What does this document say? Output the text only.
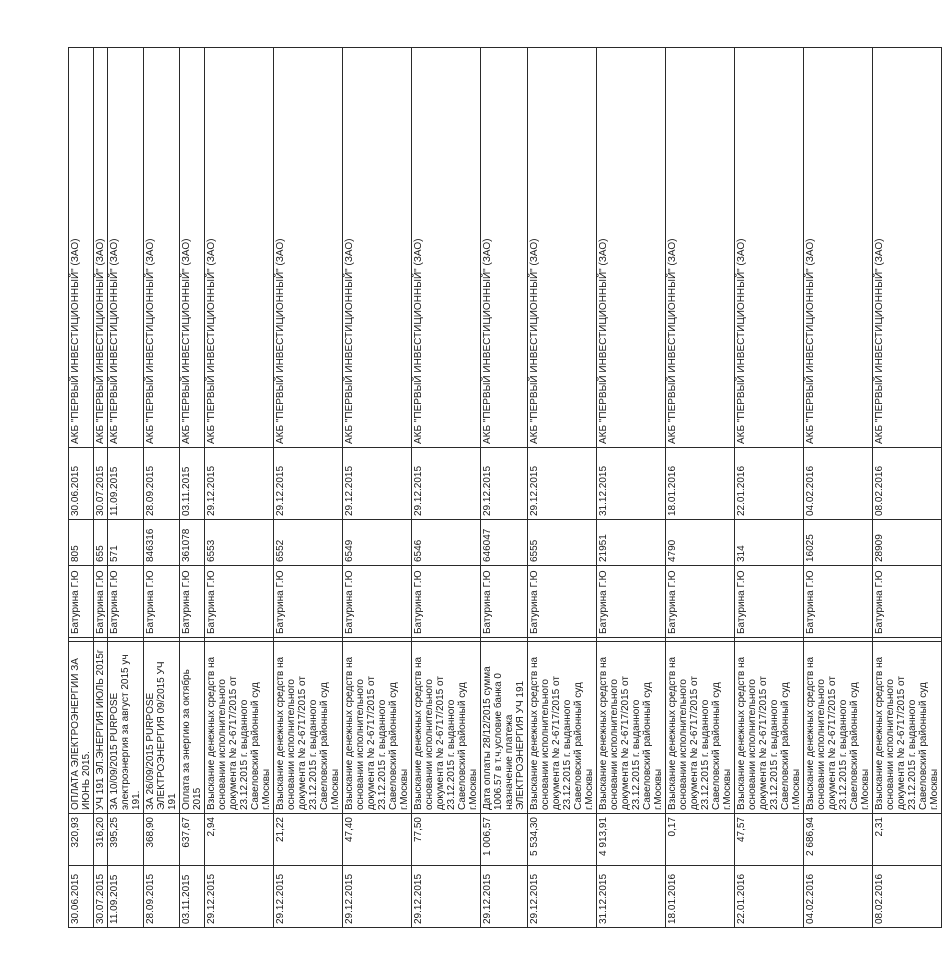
30.06.2015	320,93	ОПЛАТА ЭЛЕКТРОЭНЕРГИИ ЗА ИЮНЬ 2015.		Батурина Г.Ю	805	30.06.2015	АКБ "ПЕРВЫЙ ИНВЕСТИЦИОННЫЙ" (ЗАО)
30.07.2015	316,20	УЧ 191 ЭЛ.ЭНЕРГИЯ ИЮЛЬ 2015г		Батурина Г.Ю	655	30.07.2015	АКБ "ПЕРВЫЙ ИНВЕСТИЦИОННЫЙ" (ЗАО)
11.09.2015	395,25	ЗА 10/09/2015 PURPOSE электроэнергия за август 2015 уч 191.		Батурина Г.Ю	571	11.09.2015	АКБ "ПЕРВЫЙ ИНВЕСТИЦИОННЫЙ" (ЗАО)
28.09.2015	368,90	ЗА 26/09/2015 PURPOSE ЭЛЕКТРОЭНЕРГИЯ 09/2015 УЧ 191		Батурина Г.Ю	846316	28.09.2015	АКБ "ПЕРВЫЙ ИНВЕСТИЦИОННЫЙ" (ЗАО)
03.11.2015	637,67	Оплата за энергию за октябрь 2015		Батурина Г.Ю	361078	03.11.2015	АКБ "ПЕРВЫЙ ИНВЕСТИЦИОННЫЙ" (ЗАО)
29.12.2015	2,94	Взыскание денежных средств на основании исполнительного документа № 2-6717/2015 от 23.12.2015 г. выданного Савеловский районный суд г.Москвы		Батурина Г.Ю	6553	29.12.2015	АКБ "ПЕРВЫЙ ИНВЕСТИЦИОННЫЙ" (ЗАО)
29.12.2015	21,22	Взыскание денежных средств на основании исполнительного документа № 2-6717/2015 от 23.12.2015 г. выданного Савеловский районный суд г.Москвы		Батурина Г.Ю	6552	29.12.2015	АКБ "ПЕРВЫЙ ИНВЕСТИЦИОННЫЙ" (ЗАО)
29.12.2015	47,40	Взыскание денежных средств на основании исполнительного документа № 2-6717/2015 от 23.12.2015 г. выданного Савеловский районный суд г.Москвы		Батурина Г.Ю	6549	29.12.2015	АКБ "ПЕРВЫЙ ИНВЕСТИЦИОННЫЙ" (ЗАО)
29.12.2015	77,50	Взыскание денежных средств на основании исполнительного документа № 2-6717/2015 от 23.12.2015 г. выданного Савеловский районный суд г.Москвы		Батурина Г.Ю	6546	29.12.2015	АКБ "ПЕРВЫЙ ИНВЕСТИЦИОННЫЙ" (ЗАО)
29.12.2015	1 006,57	Дата оплаты 28/12/2015 сумма 1006.57 в т.ч.условие банка 0 назначение платежа ЭЛЕКТРОЭНЕРГИЯ УЧ 191		Батурина Г.Ю	646047	29.12.2015	АКБ "ПЕРВЫЙ ИНВЕСТИЦИОННЫЙ" (ЗАО)
29.12.2015	5 534,30	Взыскание денежных средств на основании исполнительного документа № 2-6717/2015 от 23.12.2015 г. выданного Савеловский районный суд г.Москвы		Батурина Г.Ю	6555	29.12.2015	АКБ "ПЕРВЫЙ ИНВЕСТИЦИОННЫЙ" (ЗАО)
31.12.2015	4 913,91	Взыскание денежных средств на основании исполнительного документа № 2-6717/2015 от 23.12.2015 г. выданного Савеловский районный суд г.Москвы		Батурина Г.Ю	21951	31.12.2015	АКБ "ПЕРВЫЙ ИНВЕСТИЦИОННЫЙ" (ЗАО)
18.01.2016	0,17	Взыскание денежных средств на основании исполнительного документа № 2-6717/2015 от 23.12.2015 г. выданного Савеловский районный суд г.Москвы		Батурина Г.Ю	4790	18.01.2016	АКБ "ПЕРВЫЙ ИНВЕСТИЦИОННЫЙ" (ЗАО)
22.01.2016	47,57	Взыскание денежных средств на основании исполнительного документа № 2-6717/2015 от 23.12.2015 г. выданного Савеловский районный суд г.Москвы		Батурина Г.Ю	314	22.01.2016	АКБ "ПЕРВЫЙ ИНВЕСТИЦИОННЫЙ" (ЗАО)
04.02.2016	2 686,94	Взыскание денежных средств на основании исполнительного документа № 2-6717/2015 от 23.12.2015 г. выданного Савеловский районный суд г.Москвы		Батурина Г.Ю	16025	04.02.2016	АКБ "ПЕРВЫЙ ИНВЕСТИЦИОННЫЙ" (ЗАО)
08.02.2016	2,31	Взыскание денежных средств на основании исполнительного документа № 2-6717/2015 от 23.12.2015 г. выданного Савеловский районный суд г.Москвы		Батурина Г.Ю	28909	08.02.2016	АКБ "ПЕРВЫЙ ИНВЕСТИЦИОННЫЙ" (ЗАО)
